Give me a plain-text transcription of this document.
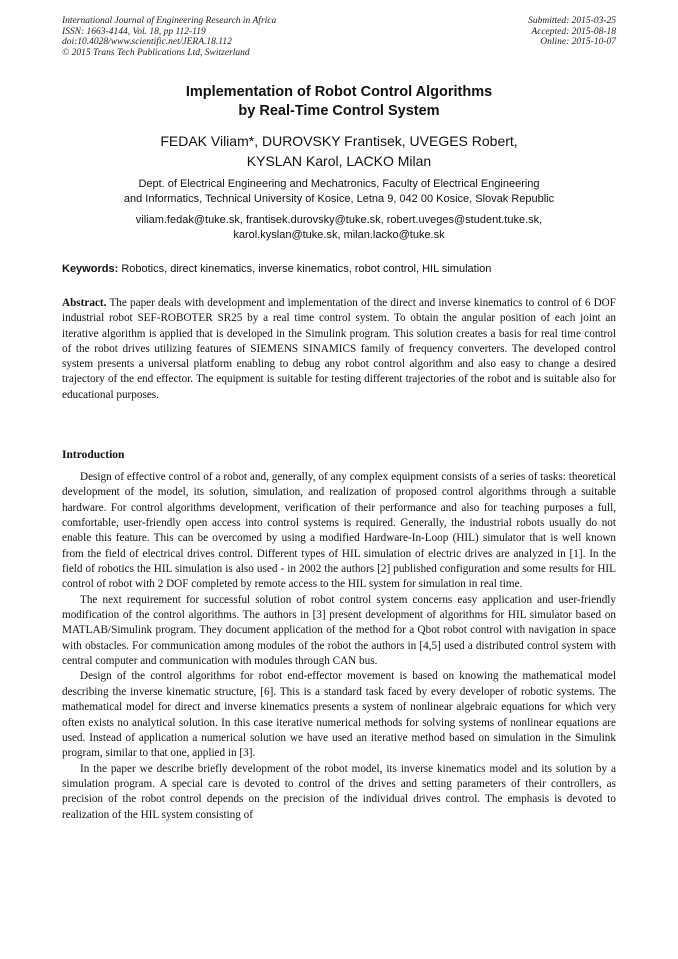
International Journal of Engineering Research in Africa
ISSN: 1663-4144, Vol. 18, pp 112-119
doi:10.4028/www.scientific.net/JERA.18.112
© 2015 Trans Tech Publications Ltd, Switzerland
Submitted: 2015-03-25
Accepted: 2015-08-18
Online: 2015-10-07
Implementation of Robot Control Algorithms
by Real-Time Control System
FEDAK Viliam*, DUROVSKY Frantisek, UVEGES Robert,
KYSLAN Karol, LACKO Milan
Dept. of Electrical Engineering and Mechatronics, Faculty of Electrical Engineering
and Informatics, Technical University of Kosice, Letna 9, 042 00 Kosice, Slovak Republic
viliam.fedak@tuke.sk, frantisek.durovsky@tuke.sk, robert.uveges@student.tuke.sk,
karol.kyslan@tuke.sk, milan.lacko@tuke.sk
Keywords: Robotics, direct kinematics, inverse kinematics, robot control, HIL simulation
Abstract. The paper deals with development and implementation of the direct and inverse kinematics to control of 6 DOF industrial robot SEF-ROBOTER SR25 by a real time control system. To obtain the angular position of each joint an iterative algorithm is applied that is developed in the Simulink program. This solution creates a basis for real time control of the robot drives utilizing features of SIEMENS SINAMICS family of frequency converters. The developed control system presents a universal platform enabling to debug any robot control algorithm and also easy to change a desired trajectory of the end effector. The equipment is suitable for testing different trajectories of the robot and is suitable also for educational purposes.
Introduction

Design of effective control of a robot and, generally, of any complex equipment consists of a series of tasks: theoretical development of the model, its solution, simulation, and realization of proposed control algorithms through a suitable hardware. For control algorithms development, verification of their performance and also for teaching purposes a full, comfortable, user-friendly open access into control systems is required. Generally, the industrial robots usually do not enable this feature. This can be overcomed by using a modified Hardware-In-Loop (HIL) simulator that is well known from the field of electrical drives control. Different types of HIL simulation of electric drives are analyzed in [1]. In the field of robotics the HIL simulation is also used - in 2002 the authors [2] published configuration and some results for HIL control of robot with 2 DOF completed by remote access to the HIL system for simulation in real time.

The next requirement for successful solution of robot control system concerns easy application and user-friendly modification of the control algorithms. The authors in [3] present development of algorithms for HIL simulator based on MATLAB/Simulink program. They document application of the method for a Qbot robot control with navigation in space with obstacles. For communication among modules of the robot the authors in [4,5] used a distributed control system with central computer and communication with modules through CAN bus.

Design of the control algorithms for robot end-effector movement is based on knowing the mathematical model describing the inverse kinematic structure, [6]. This is a standard task faced by every developer of robotic systems. The mathematical model for direct and inverse kinematics presents a system of nonlinear algebraic equations for which very often exists no analytical solution. In this case iterative numerical methods for solving systems of nonlinear equations are used. Instead of application a numerical solution we have used an iterative method based on simulation in the Simulink program, similar to that one, applied in [3].

In the paper we describe briefly development of the robot model, its inverse kinematics model and its solution by a simulation program. A special care is devoted to control of the drives and setting parameters of their controllers, as precision of the robot control depends on the precision of the individual drives control. The emphasis is devoted to realization of the HIL system consisting of
